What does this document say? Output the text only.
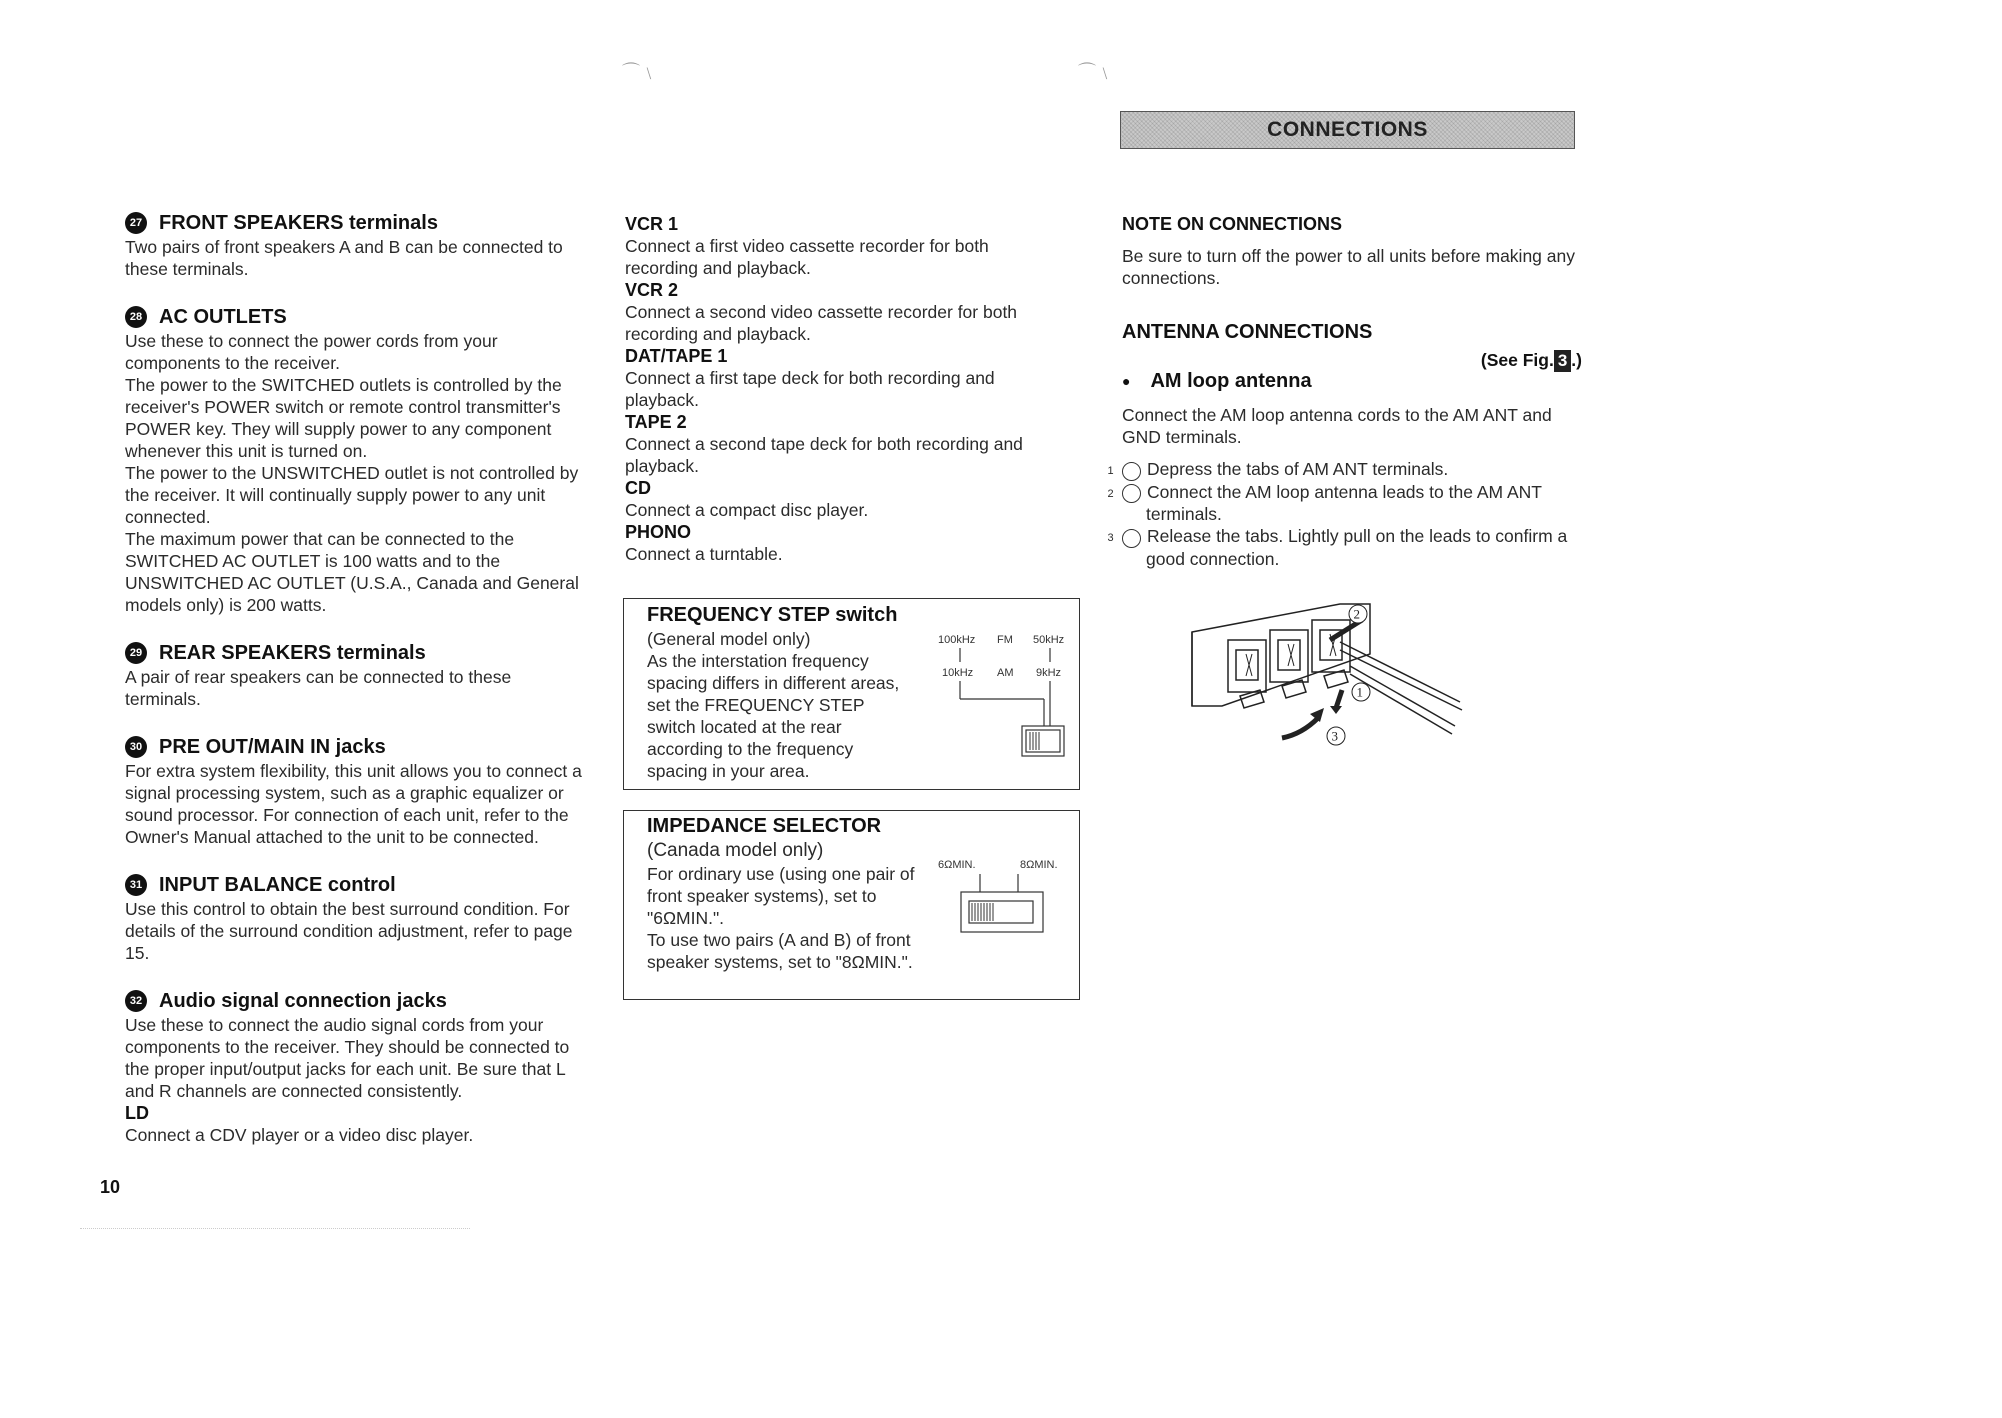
⌒﹨	⌒﹨
CONNECTIONS
27 FRONT SPEAKERS terminals
Two pairs of front speakers A and B can be connected to these terminals.
28 AC OUTLETS
Use these to connect the power cords from your components to the receiver.
The power to the SWITCHED outlets is controlled by the receiver's POWER switch or remote control transmitter's POWER key. They will supply power to any component whenever this unit is turned on.
The power to the UNSWITCHED outlet is not controlled by the receiver. It will continually supply power to any unit connected.
The maximum power that can be connected to the SWITCHED AC OUTLET is 100 watts and to the UNSWITCHED AC OUTLET (U.S.A., Canada and General models only) is 200 watts.
29 REAR SPEAKERS terminals
A pair of rear speakers can be connected to these terminals.
30 PRE OUT/MAIN IN jacks
For extra system flexibility, this unit allows you to connect a signal processing system, such as a graphic equalizer or sound processor. For connection of each unit, refer to the Owner's Manual attached to the unit to be connected.
31 INPUT BALANCE control
Use this control to obtain the best surround condition. For details of the surround condition adjustment, refer to page 15.
32 Audio signal connection jacks
Use these to connect the audio signal cords from your components to the receiver. They should be connected to the proper input/output jacks for each unit. Be sure that L and R channels are connected consistently.
LD
Connect a CDV player or a video disc player.
VCR 1
Connect a first video cassette recorder for both recording and playback.
VCR 2
Connect a second video cassette recorder for both recording and playback.
DAT/TAPE 1
Connect a first tape deck for both recording and playback.
TAPE 2
Connect a second tape deck for both recording and playback.
CD
Connect a compact disc player.
PHONO
Connect a turntable.
FREQUENCY STEP switch
(General model only)
As the interstation frequency spacing differs in different areas, set the FREQUENCY STEP switch located at the rear according to the frequency spacing in your area.
100kHz FM 50kHz
10kHz AM 9kHz
IMPEDANCE SELECTOR
(Canada model only)
For ordinary use (using one pair of front speaker systems), set to "6ΩMIN.".
To use two pairs (A and B) of front speaker systems, set to "8ΩMIN.".
6ΩMIN.	8ΩMIN.
NOTE ON CONNECTIONS
Be sure to turn off the power to all units before making any connections.
ANTENNA CONNECTIONS
(See Fig. 3 .)
● AM loop antenna
Connect the AM loop antenna cords to the AM ANT and GND terminals.
1 Depress the tabs of AM ANT terminals.
2 Connect the AM loop antenna leads to the AM ANT terminals.
3 Release the tabs. Lightly pull on the leads to confirm a good connection.
2
1
3
10
